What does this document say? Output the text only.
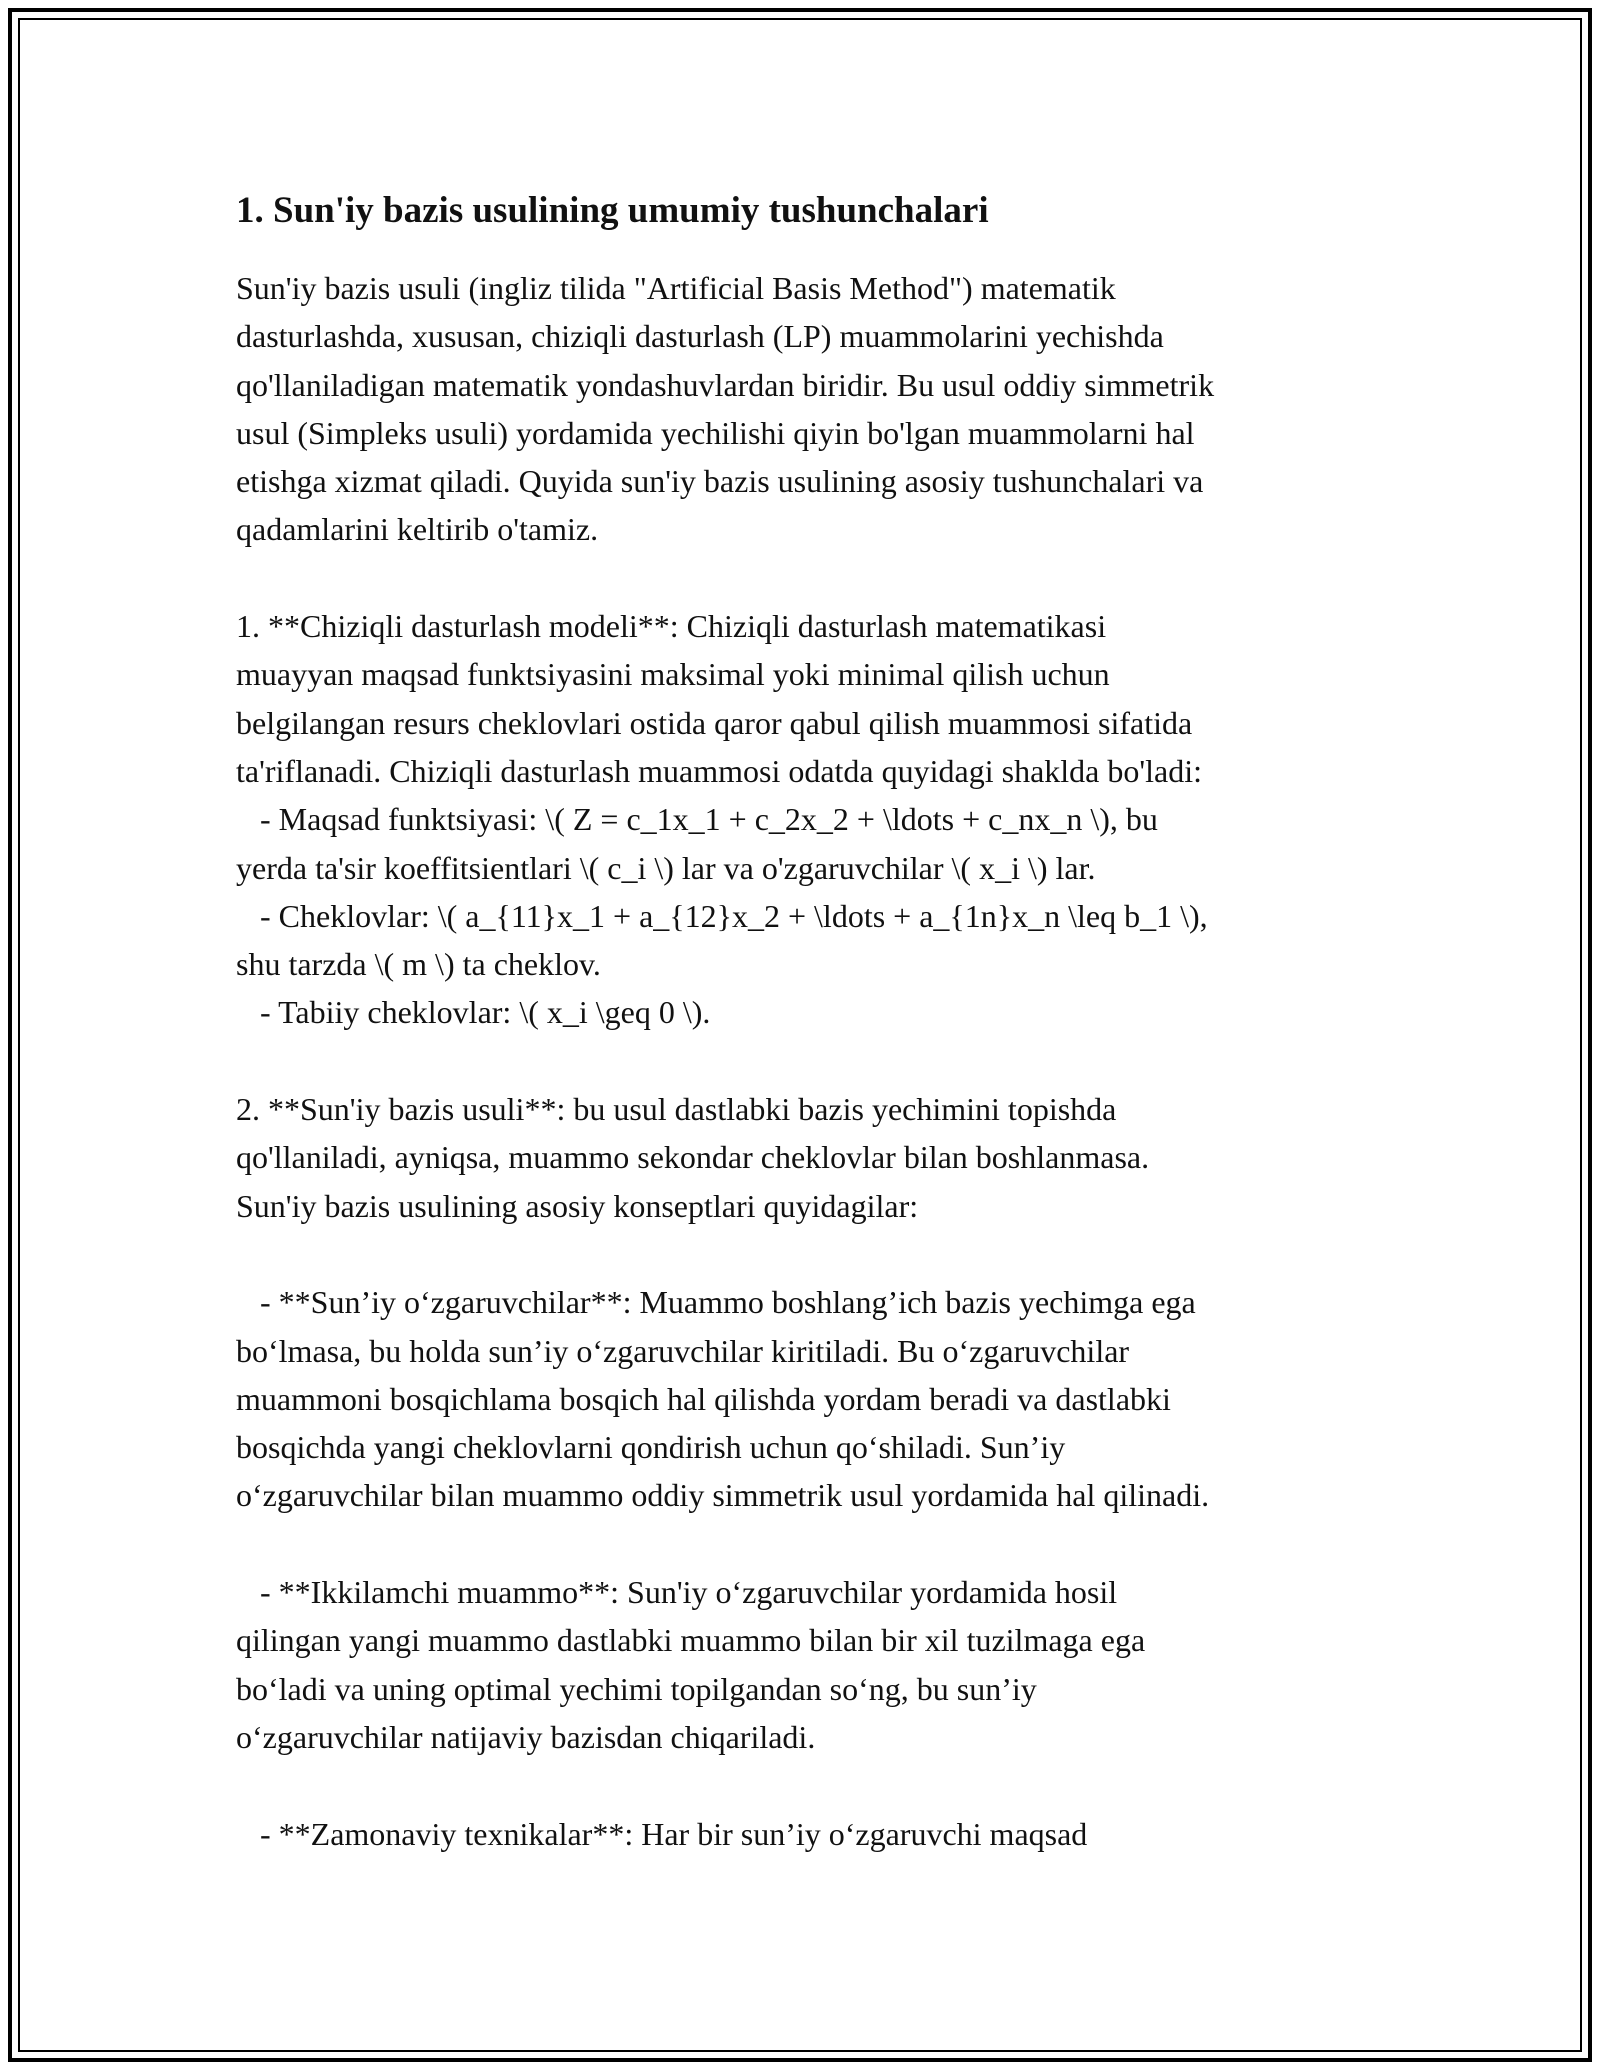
1. Sun'iy bazis usulining umumiy tushunchalari
Sun'iy bazis usuli (ingliz tilida "Artificial Basis Method") matematik
dasturlashda, xususan, chiziqli dasturlash (LP) muammolarini yechishda
qo'llaniladigan matematik yondashuvlardan biridir. Bu usul oddiy simmetrik
usul (Simpleks usuli) yordamida yechilishi qiyin bo'lgan muammolarni hal
etishga xizmat qiladi. Quyida sun'iy bazis usulining asosiy tushunchalari va
qadamlarini keltirib o'tamiz.
1. **Chiziqli dasturlash modeli**: Chiziqli dasturlash matematikasi
muayyan maqsad funktsiyasini maksimal yoki minimal qilish uchun
belgilangan resurs cheklovlari ostida qaror qabul qilish muammosi sifatida
ta'riflanadi. Chiziqli dasturlash muammosi odatda quyidagi shaklda bo'ladi:
- Maqsad funktsiyasi: \( Z = c_1x_1 + c_2x_2 + \ldots + c_nx_n \), bu
yerda ta'sir koeffitsientlari \( c_i \) lar va o'zgaruvchilar \( x_i \) lar.
- Cheklovlar: \( a_{11}x_1 + a_{12}x_2 + \ldots + a_{1n}x_n \leq b_1 \),
shu tarzda \( m \) ta cheklov.
- Tabiiy cheklovlar: \( x_i \geq 0 \).
2. **Sun'iy bazis usuli**: bu usul dastlabki bazis yechimini topishda
qo'llaniladi, ayniqsa, muammo sekondar cheklovlar bilan boshlanmasa.
Sun'iy bazis usulining asosiy konseptlari quyidagilar:
- **Sun’iy o‘zgaruvchilar**: Muammo boshlang’ich bazis yechimga ega
bo‘lmasa, bu holda sun’iy o‘zgaruvchilar kiritiladi. Bu o‘zgaruvchilar
muammoni bosqichlama bosqich hal qilishda yordam beradi va dastlabki
bosqichda yangi cheklovlarni qondirish uchun qo‘shiladi. Sun’iy
o‘zgaruvchilar bilan muammo oddiy simmetrik usul yordamida hal qilinadi.
- **Ikkilamchi muammo**: Sun'iy o‘zgaruvchilar yordamida hosil
qilingan yangi muammo dastlabki muammo bilan bir xil tuzilmaga ega
bo‘ladi va uning optimal yechimi topilgandan so‘ng, bu sun’iy
o‘zgaruvchilar natijaviy bazisdan chiqariladi.
- **Zamonaviy texnikalar**: Har bir sun’iy o‘zgaruvchi maqsad
